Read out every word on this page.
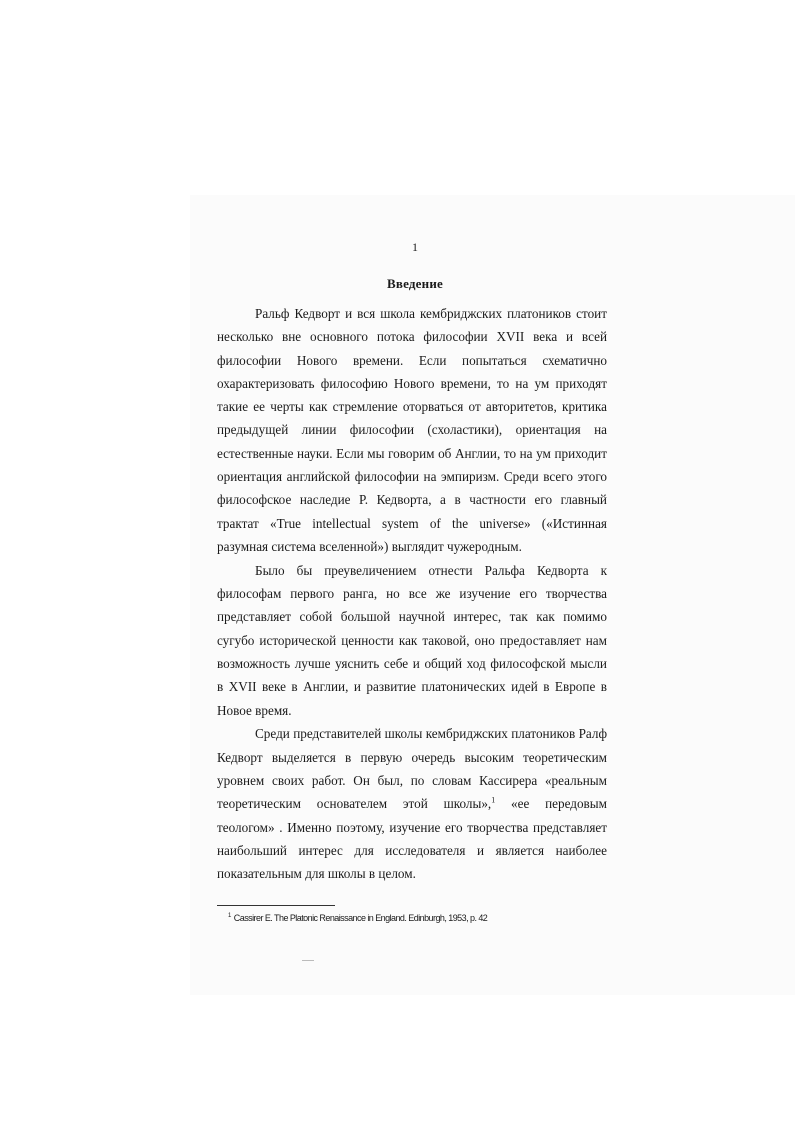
1
Введение

Ральф Кедворт и вся школа кембриджских платоников стоит
несколько вне основного потока философии XVII века и всей
философии Нового времени. Если попытаться схематично
охарактеризовать философию Нового времени, то на ум приходят
такие ее черты как стремление оторваться от авторитетов, критика
предыдущей линии философии (схоластики), ориентация на
естественные науки. Если мы говорим об Англии, то на ум приходит
ориентация английской философии на эмпиризм. Среди всего этого
философское наследие Р. Кедворта, а в частности его главный
трактат «True intellectual system of the universe» («Истинная
разумная система вселенной») выглядит чужеродным.

Было бы преувеличением отнести Ральфа Кедворта к
философам первого ранга, но все же изучение его творчества
представляет собой большой научной интерес, так как помимо
сугубо исторической ценности как таковой, оно предоставляет нам
возможность лучше уяснить себе и общий ход философской мысли
в XVII веке в Англии, и развитие платонических идей в Европе в
Новое время.

Среди представителей школы кембриджских платоников Ралф
Кедворт выделяется в первую очередь высоким теоретическим
уровнем своих работ. Он был, по словам Кассирера «реальным
теоретическим основателем этой школы»,$^1$ «ее передовым
теологом» . Именно поэтому, изучение его творчества представляет
наибольший интерес для исследователя и является наиболее
показательным для школы в целом.

$^1$ Cassirer E. The Platonic Renaissance in England. Edinburgh, 1953, p. 42
